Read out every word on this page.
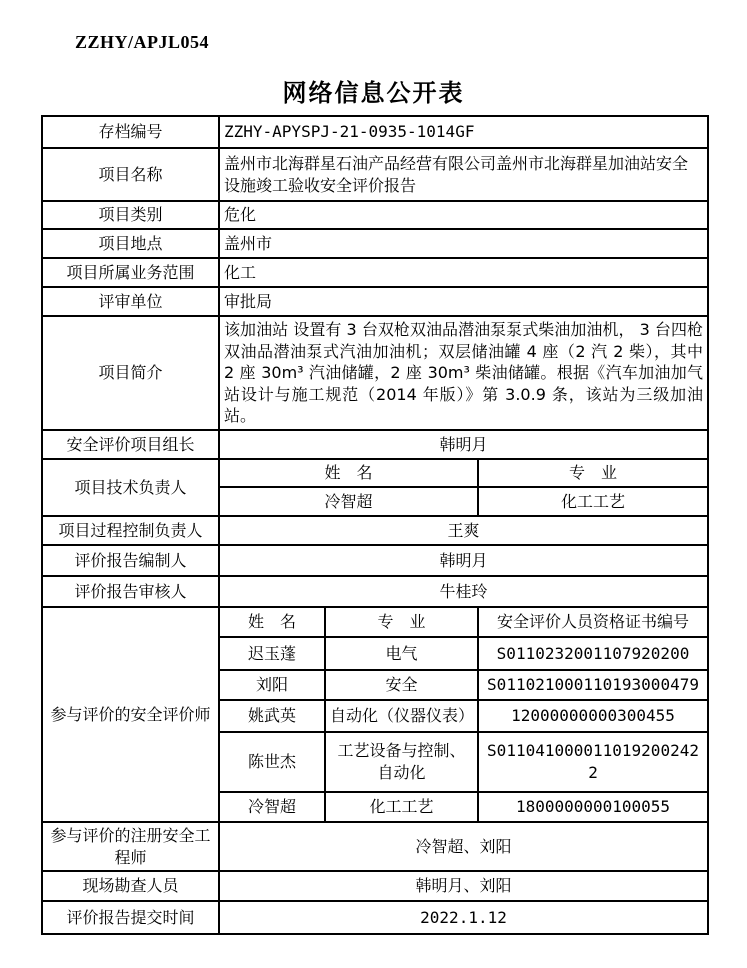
ZZHY/APJL054
网络信息公开表
存档编号	ZZHY-APYSPJ-21-0935-1014GF		
项目名称	盖州市北海群星石油产品经营有限公司盖州市北海群星加油站安全设施竣工验收安全评价报告		
项目类别	危化		
项目地点	盖州市		
项目所属业务范围	化工		
评审单位	审批局		
项目简介	该加油站 设置有 3 台双枪双油品潜油泵泵式柴油加油机， 3 台四枪双油品潜油泵式汽油加油机；双层储油罐 4 座（2 汽 2 柴），其中 2 座 30m³ 汽油储罐，2 座 30m³ 柴油储罐。根据《汽车加油加气站设计与施工规范（2014 年版）》第 3.0.9 条，该站为三级加油站。		
安全评价项目组长	韩明月		
项目技术负责人	姓　名		专　业
	冷智超		化工工艺
项目过程控制负责人	王爽		
评价报告编制人	韩明月		
评价报告审核人	牛桂玲		
参与评价的安全评价师	姓　名	专　业	安全评价人员资格证书编号
	迟玉蓬	电气	S0110232001107920200
	刘阳	安全	S011021000110193000479
	姚武英	自动化（仪器仪表）	12000000000300455
	陈世杰	工艺设备与控制、自动化	S0110410000110192002422
	冷智超	化工工艺	1800000000100055
参与评价的注册安全工程师	冷智超、刘阳		
现场勘查人员	韩明月、刘阳		
评价报告提交时间	2022.1.12		
